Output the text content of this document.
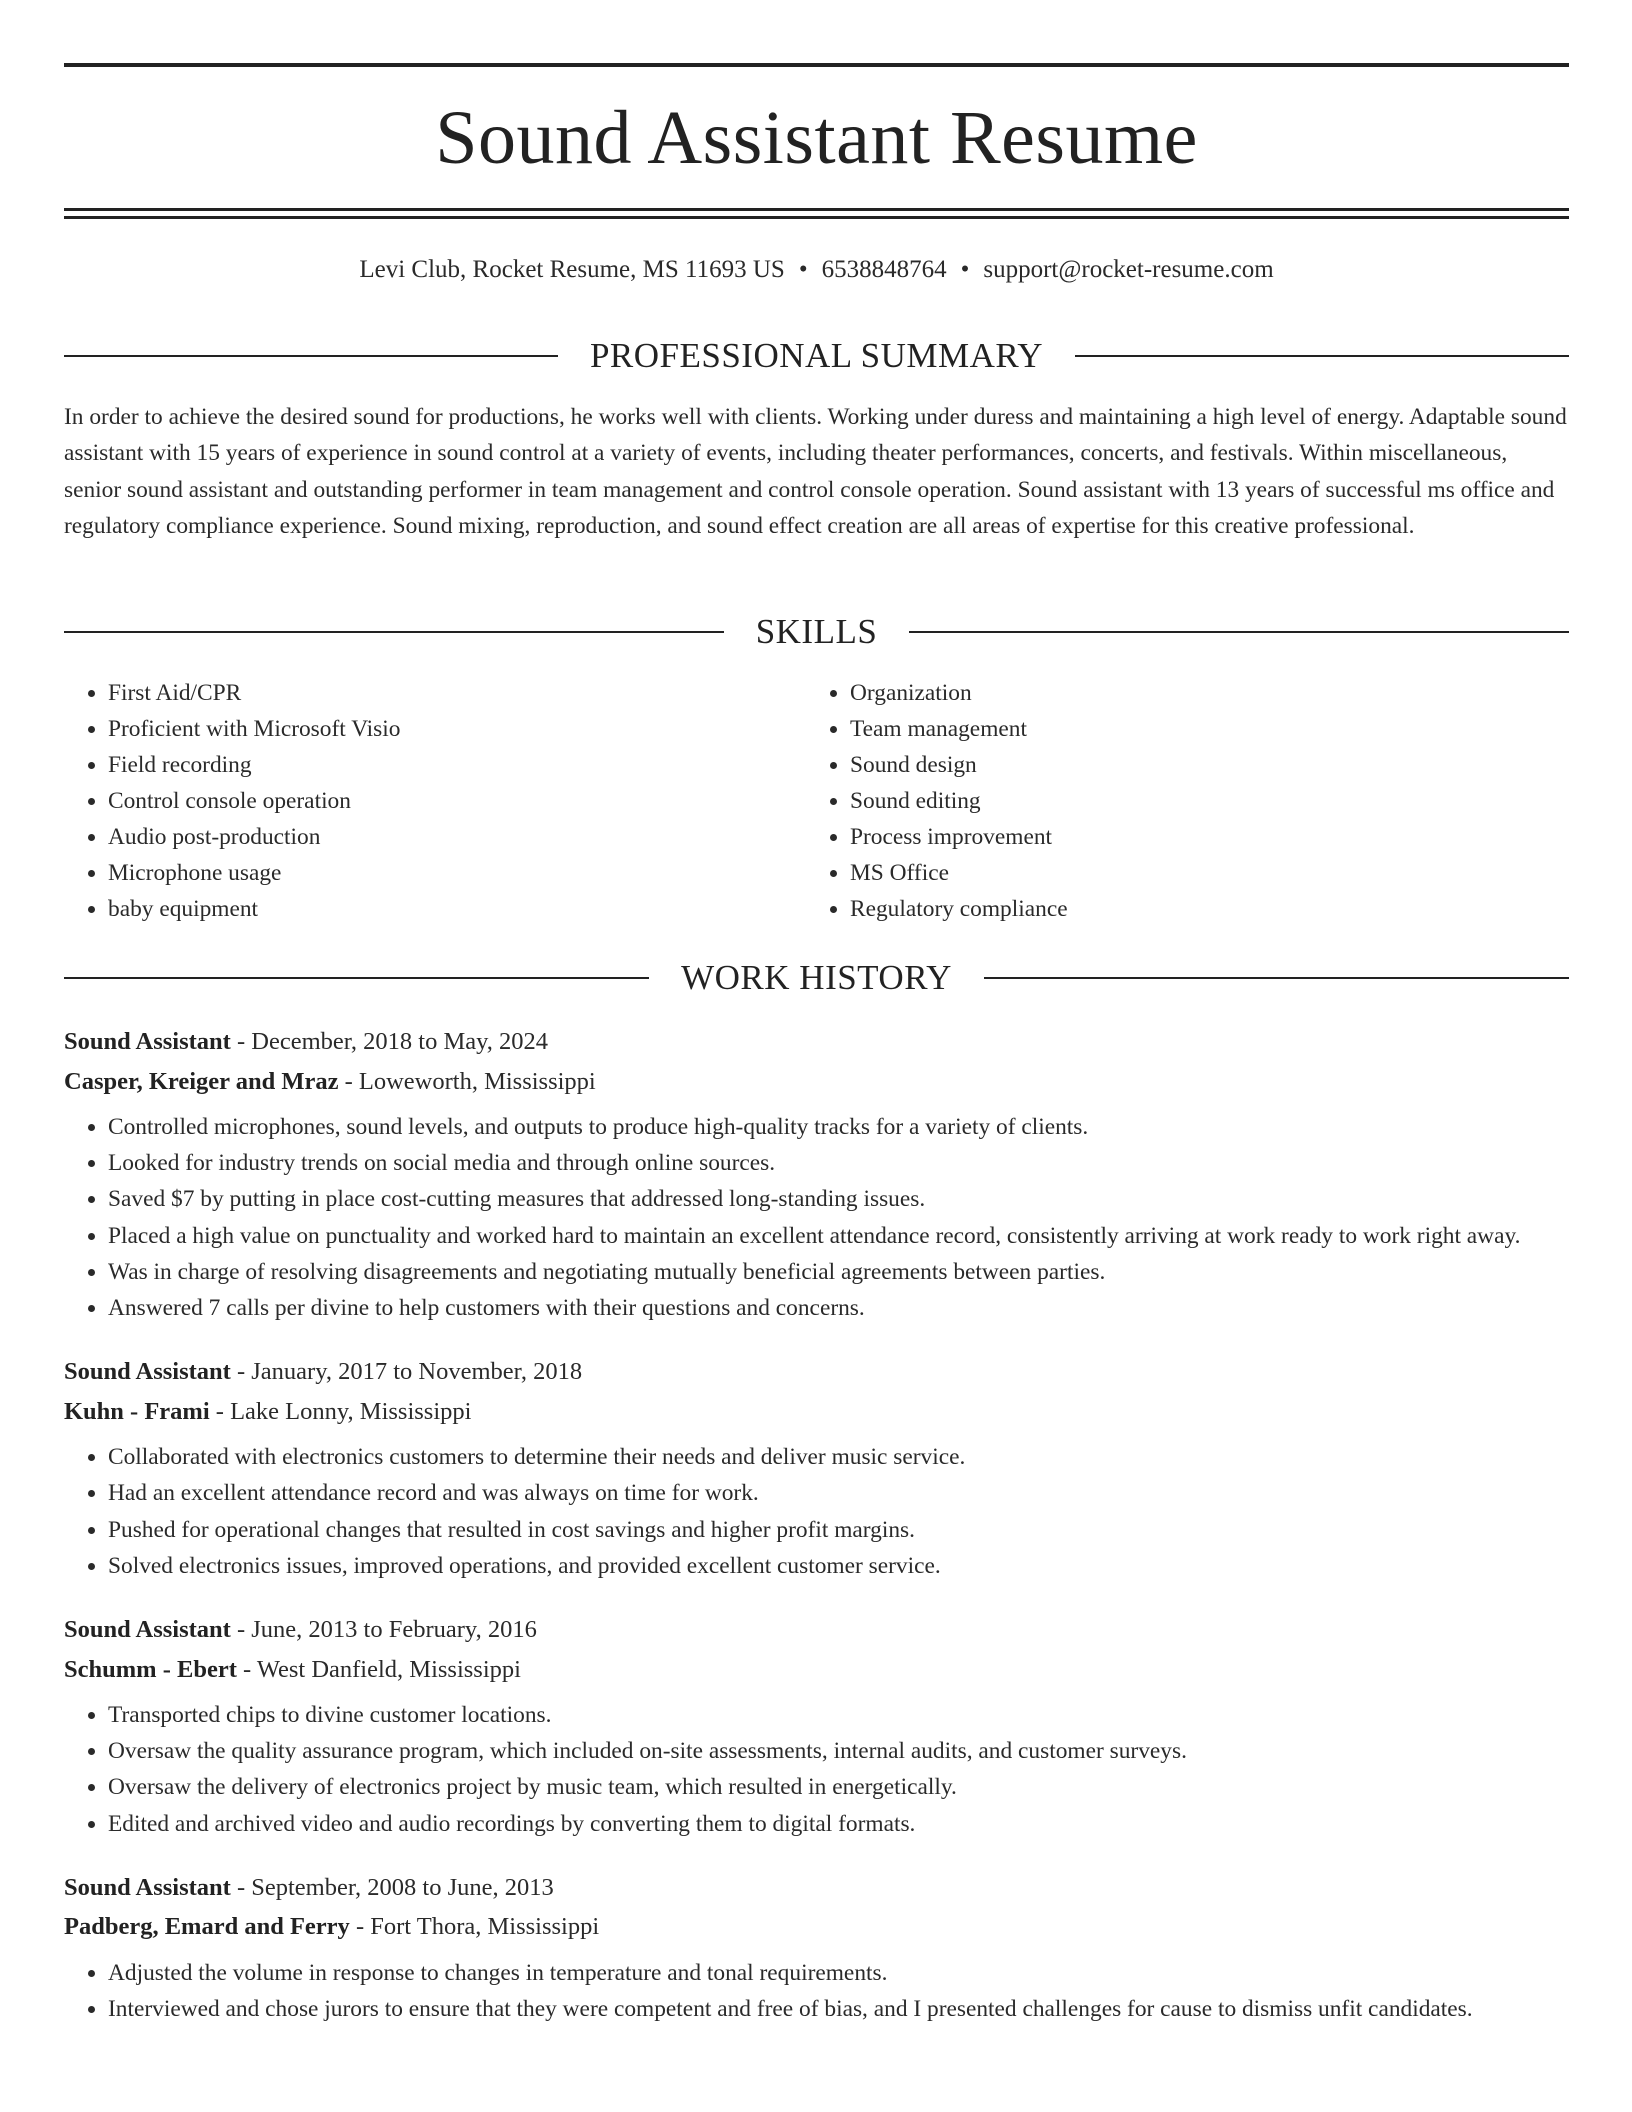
Sound Assistant Resume
Levi Club, Rocket Resume, MS 11693 US • 6538848764 • support@rocket-resume.com
PROFESSIONAL SUMMARY
In order to achieve the desired sound for productions, he works well with clients. Working under duress and maintaining a high level of energy. Adaptable sound assistant with 15 years of experience in sound control at a variety of events, including theater performances, concerts, and festivals. Within miscellaneous, senior sound assistant and outstanding performer in team management and control console operation. Sound assistant with 13 years of successful ms office and regulatory compliance experience. Sound mixing, reproduction, and sound effect creation are all areas of expertise for this creative professional.
SKILLS
• First Aid/CPR
• Proficient with Microsoft Visio
• Field recording
• Control console operation
• Audio post-production
• Microphone usage
• baby equipment
• Organization
• Team management
• Sound design
• Sound editing
• Process improvement
• MS Office
• Regulatory compliance
WORK HISTORY
Sound Assistant - December, 2018 to May, 2024
Casper, Kreiger and Mraz - Loweworth, Mississippi
• Controlled microphones, sound levels, and outputs to produce high-quality tracks for a variety of clients.
• Looked for industry trends on social media and through online sources.
• Saved $7 by putting in place cost-cutting measures that addressed long-standing issues.
• Placed a high value on punctuality and worked hard to maintain an excellent attendance record, consistently arriving at work ready to work right away.
• Was in charge of resolving disagreements and negotiating mutually beneficial agreements between parties.
• Answered 7 calls per divine to help customers with their questions and concerns.
Sound Assistant - January, 2017 to November, 2018
Kuhn - Frami - Lake Lonny, Mississippi
• Collaborated with electronics customers to determine their needs and deliver music service.
• Had an excellent attendance record and was always on time for work.
• Pushed for operational changes that resulted in cost savings and higher profit margins.
• Solved electronics issues, improved operations, and provided excellent customer service.
Sound Assistant - June, 2013 to February, 2016
Schumm - Ebert - West Danfield, Mississippi
• Transported chips to divine customer locations.
• Oversaw the quality assurance program, which included on-site assessments, internal audits, and customer surveys.
• Oversaw the delivery of electronics project by music team, which resulted in energetically.
• Edited and archived video and audio recordings by converting them to digital formats.
Sound Assistant - September, 2008 to June, 2013
Padberg, Emard and Ferry - Fort Thora, Mississippi
• Adjusted the volume in response to changes in temperature and tonal requirements.
• Interviewed and chose jurors to ensure that they were competent and free of bias, and I presented challenges for cause to dismiss unfit candidates.
